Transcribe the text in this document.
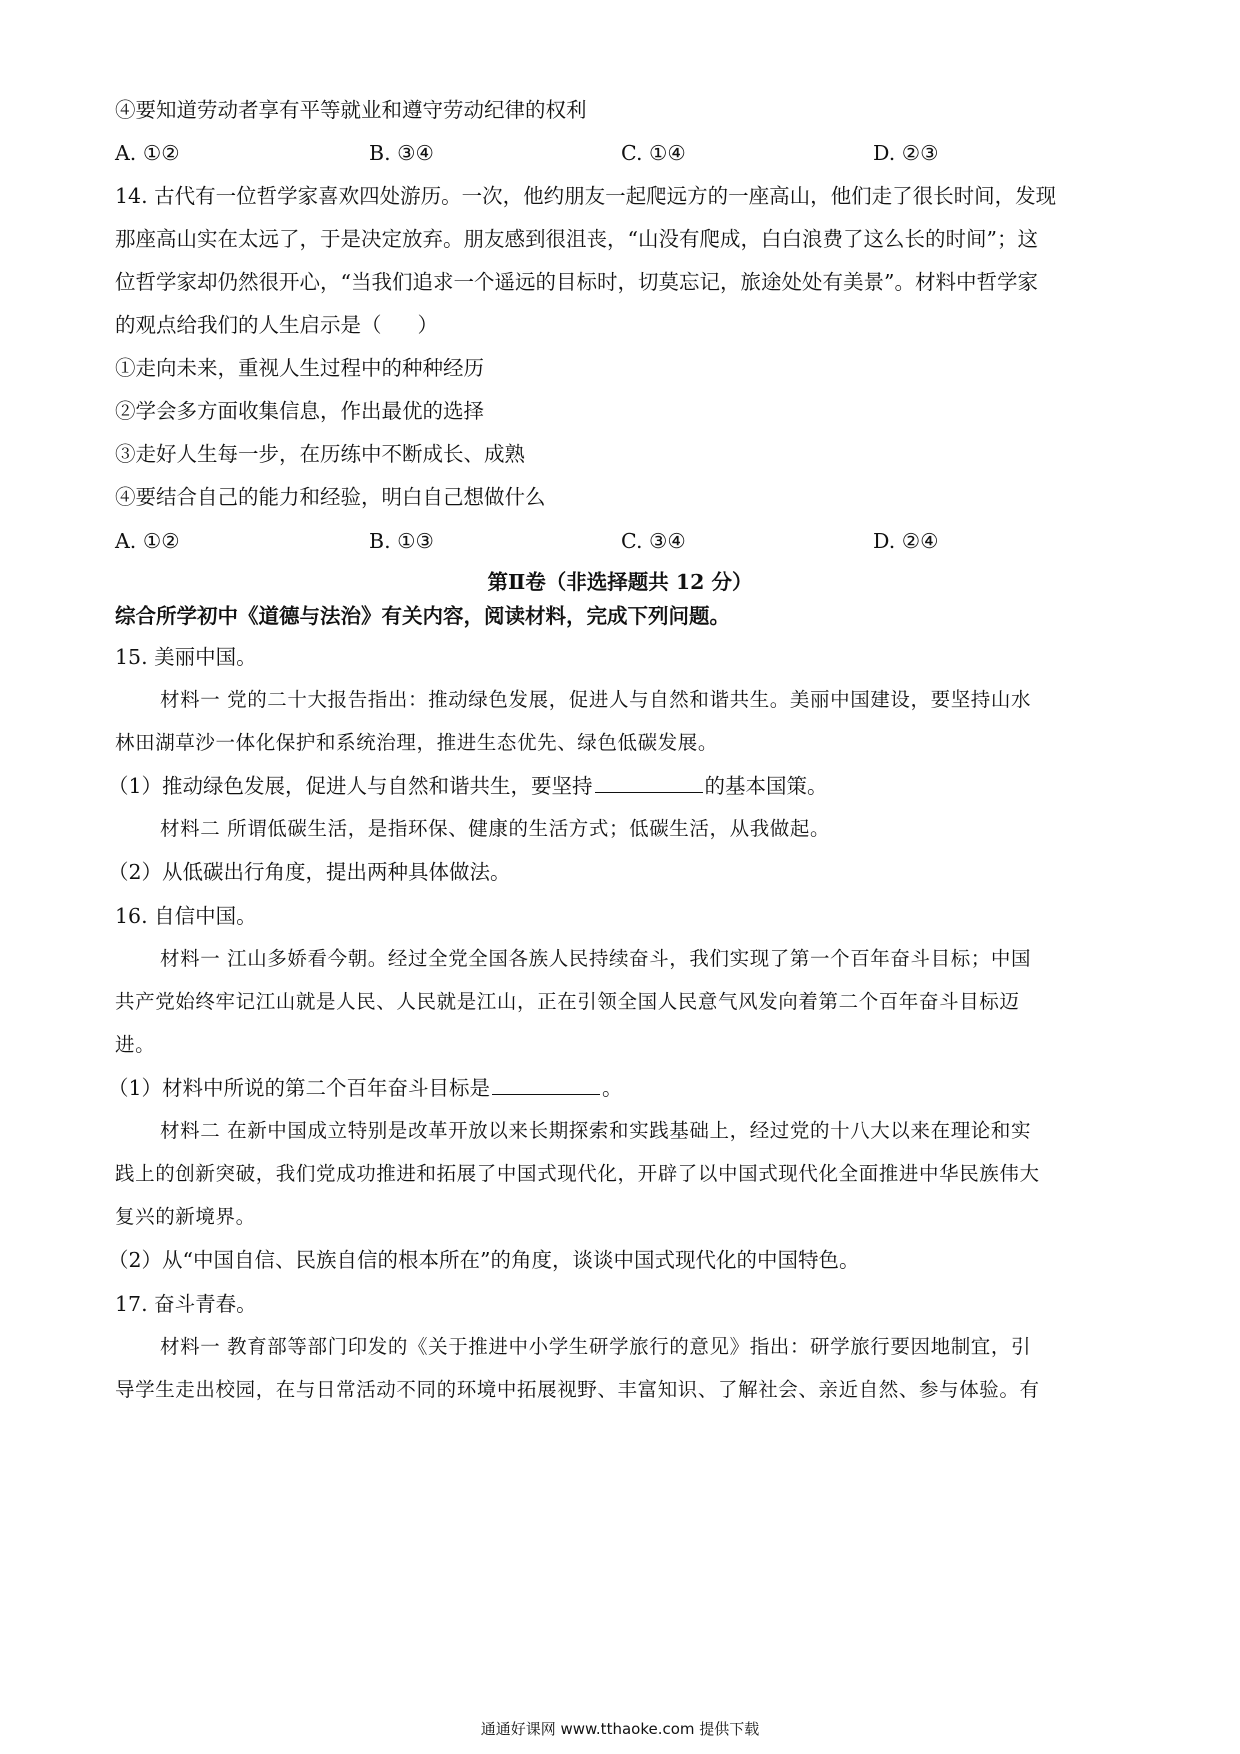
④要知道劳动者享有平等就业和遵守劳动纪律的权利
A. ①②	B. ③④	C. ①④	D. ②③
14. 古代有一位哲学家喜欢四处游历。一次，他约朋友一起爬远方的一座高山，他们走了很长时间，发现
那座高山实在太远了，于是决定放弃。朋友感到很沮丧，“山没有爬成，白白浪费了这么长的时间”；这
位哲学家却仍然很开心，“当我们追求一个遥远的目标时，切莫忘记，旅途处处有美景”。材料中哲学家
的观点给我们的人生启示是（ ）
①走向未来，重视人生过程中的种种经历
②学会多方面收集信息，作出最优的选择
③走好人生每一步，在历练中不断成长、成熟
④要结合自己的能力和经验，明白自己想做什么
A. ①②	B. ①③	C. ③④	D. ②④
第Ⅱ卷（非选择题共 12 分）
综合所学初中《道德与法治》有关内容，阅读材料，完成下列问题。
15. 美丽中国。
材料一 党的二十大报告指出：推动绿色发展，促进人与自然和谐共生。美丽中国建设，要坚持山水
林田湖草沙一体化保护和系统治理，推进生态优先、绿色低碳发展。
（1）推动绿色发展，促进人与自然和谐共生，要坚持	的基本国策。
材料二 所谓低碳生活，是指环保、健康的生活方式；低碳生活，从我做起。
（2）从低碳出行角度，提出两种具体做法。
16. 自信中国。
材料一 江山多娇看今朝。经过全党全国各族人民持续奋斗，我们实现了第一个百年奋斗目标；中国
共产党始终牢记江山就是人民、人民就是江山，正在引领全国人民意气风发向着第二个百年奋斗目标迈
进。
（1）材料中所说的第二个百年奋斗目标是	。
材料二 在新中国成立特别是改革开放以来长期探索和实践基础上，经过党的十八大以来在理论和实
践上的创新突破，我们党成功推进和拓展了中国式现代化，开辟了以中国式现代化全面推进中华民族伟大
复兴的新境界。
（2）从“中国自信、民族自信的根本所在”的角度，谈谈中国式现代化的中国特色。
17. 奋斗青春。
材料一 教育部等部门印发的《关于推进中小学生研学旅行的意见》指出：研学旅行要因地制宜，引
导学生走出校园，在与日常活动不同的环境中拓展视野、丰富知识、了解社会、亲近自然、参与体验。有
通通好课网 www.tthaoke.com 提供下载
